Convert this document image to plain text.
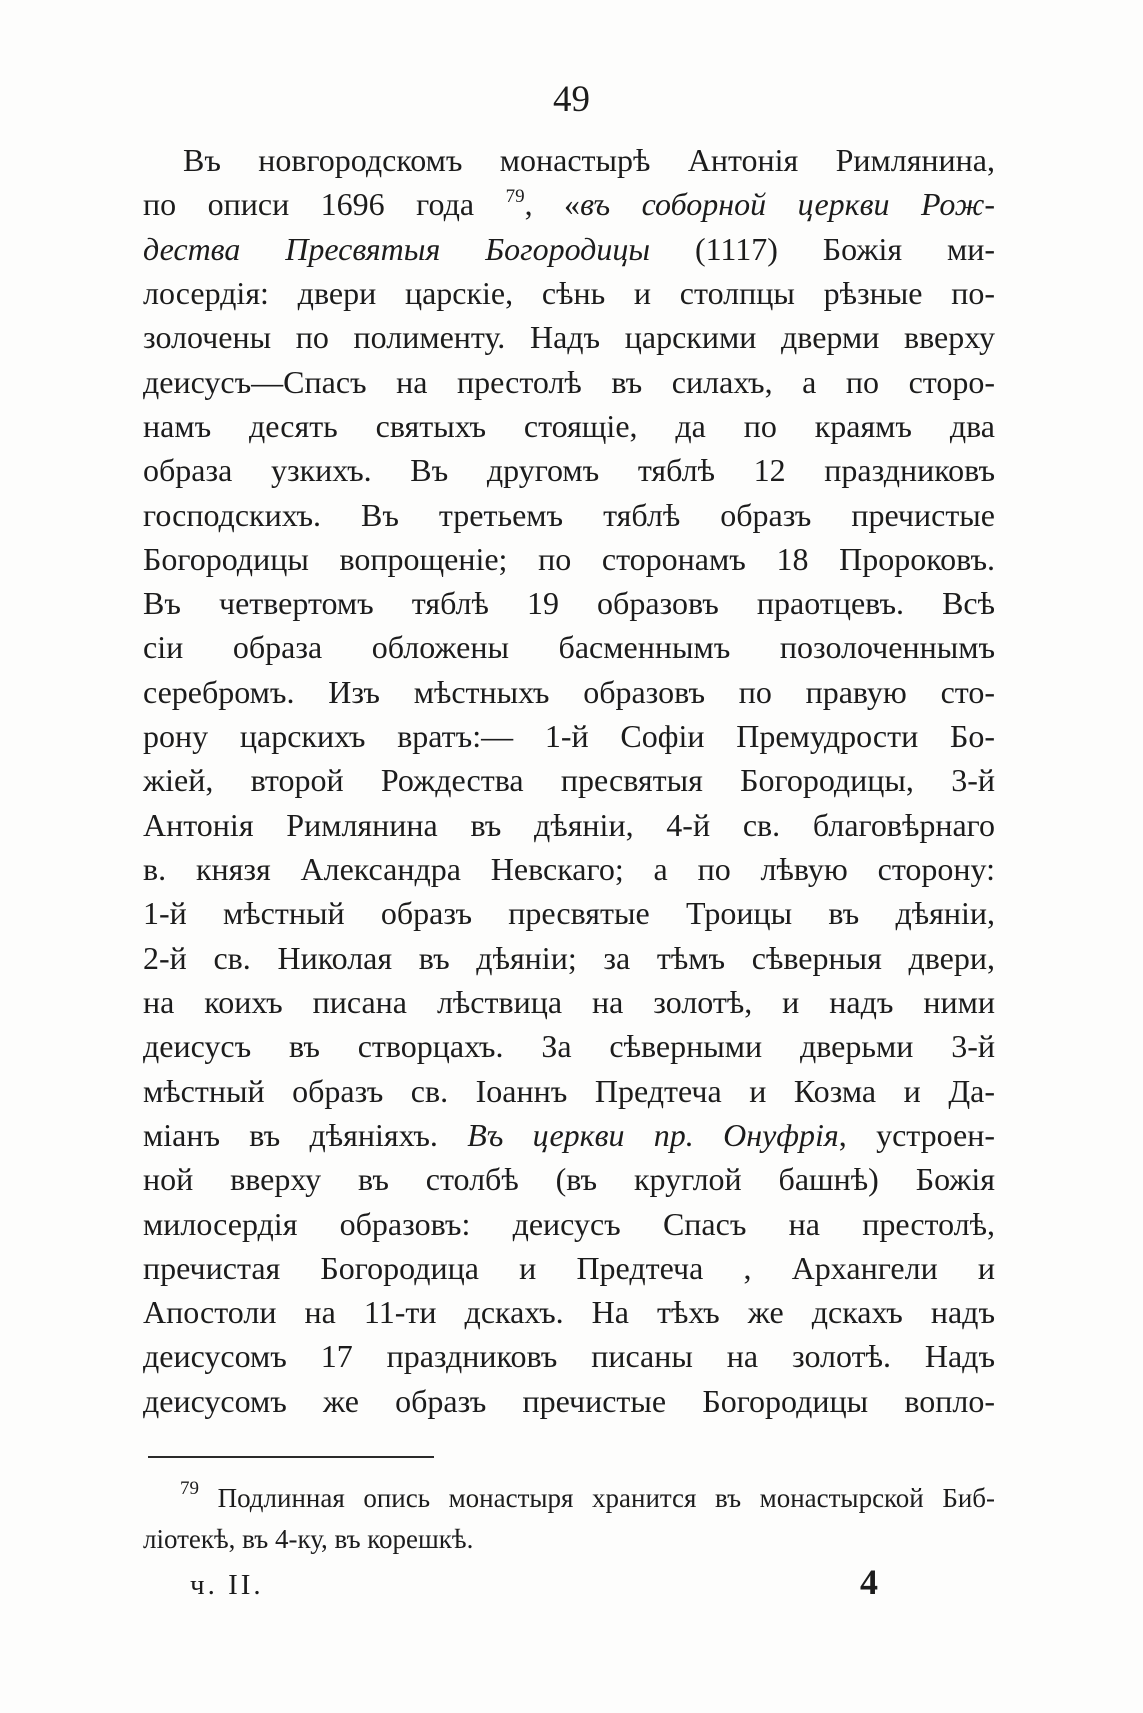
49
Въ новгородскомъ монастырѣ Антонія Римлянина,
по описи 1696 года $^{79}$, «въ соборной церкви Рож-
дества Пресвятыя Богородицы (1117) Божія ми-
лосердія: двери царскіе, сѣнь и столпцы рѣзные по-
золочены по полименту. Надъ царскими дверми вверху
деисусъ—Спасъ на престолѣ въ силахъ, а по сторо-
намъ десять святыхъ стоящіе, да по краямъ два
образа узкихъ. Въ другомъ тяблѣ 12 праздниковъ
господскихъ. Въ третьемъ тяблѣ образъ пречистые
Богородицы вопрощеніе; по сторонамъ 18 Пророковъ.
Въ четвертомъ тяблѣ 19 образовъ праотцевъ. Всѣ
сіи образа обложены басменнымъ позолоченнымъ
серебромъ. Изъ мѣстныхъ образовъ по правую сто-
рону царскихъ вратъ:— 1-й Софіи Премудрости Бо-
жіей, второй Рождества пресвятыя Богородицы, 3-й
Антонія Римлянина въ дѣяніи, 4-й св. благовѣрнаго
в. князя Александра Невскаго; а по лѣвую сторону:
1-й мѣстный образъ пресвятые Троицы въ дѣяніи,
2-й св. Николая въ дѣяніи; за тѣмъ сѣверныя двери,
на коихъ писана лѣствица на золотѣ, и надъ ними
деисусъ въ створцахъ. За сѣверными дверьми 3-й
мѣстный образъ св. Іоаннъ Предтеча и Козма и Да-
міанъ въ дѣяніяхъ. Въ церкви пр. Онуфрія, устроен-
ной вверху въ столбѣ (въ круглой башнѣ) Божія
милосердія образовъ: деисусъ Спасъ на престолѣ,
пречистая Богородица и Предтеча , Архангели и
Апостоли на 11-ти дскахъ. На тѣхъ же дскахъ надъ
деисусомъ 17 праздниковъ писаны на золотѣ. Надъ
деисусомъ же образъ пречистые Богородицы вопло-
$^{79}$ Подлинная опись монастыря хранится въ монастырской Биб-
ліотекѣ, въ 4-ку, въ корешкѣ.
ч. II.	4
